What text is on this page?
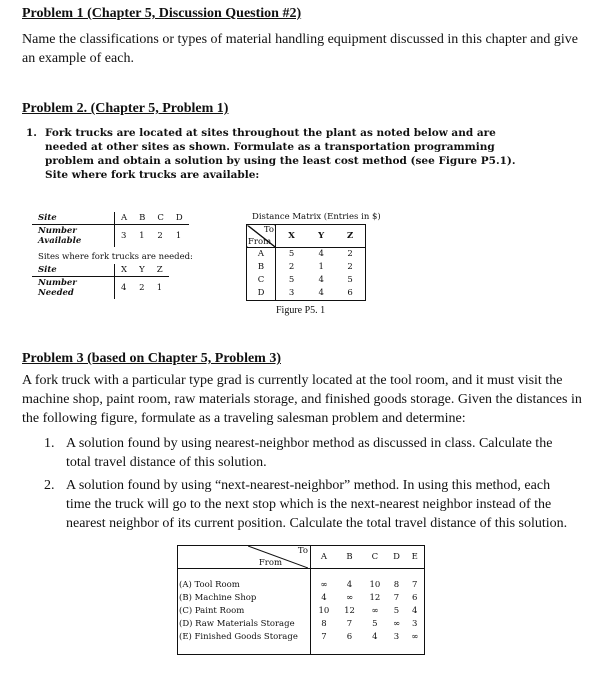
Problem 1 (Chapter 5, Discussion Question #2)
Name the classifications or types of material handling equipment discussed in this chapter and give an example of each.
Problem 2. (Chapter 5, Problem 1)
1. Fork trucks are located at sites throughout the plant as noted below and are needed at other sites as shown. Formulate as a transportation programming problem and obtain a solution by using the least cost method (see Figure P5.1).
Site where fork trucks are available:
Site	A	B	C	D
Number Available	3	1	2	1
Sites where fork trucks are needed:
Site	X	Y	Z
Number Needed	4	2	1
Distance Matrix (Entries in $)
To
From	X	Y	Z
A	5	4	2
B	2	1	2
C	5	4	5
D	3	4	6
Figure P5. 1
Problem 3 (based on Chapter 5, Problem 3)
A fork truck with a particular type grad is currently located at the tool room, and it must visit the machine shop, paint room, raw materials storage, and finished goods storage. Given the distances in the following figure, formulate as a traveling salesman problem and determine:
1. A solution found by using nearest-neighbor method as discussed in class. Calculate the total travel distance of this solution.
2. A solution found by using “next-nearest-neighbor” method. In using this method, each time the truck will go to the next stop which is the next-nearest neighbor instead of the nearest neighbor of its current position. Calculate the total travel distance of this solution.
To
From	A	B	C	D	E

(A) Tool Room	∞	4	10	8	7
(B) Machine Shop	4	∞	12	7	6
(C) Paint Room	10	12	∞	5	4
(D) Raw Materials Storage	8	7	5	∞	3
(E) Finished Goods Storage	7	6	4	3	∞
